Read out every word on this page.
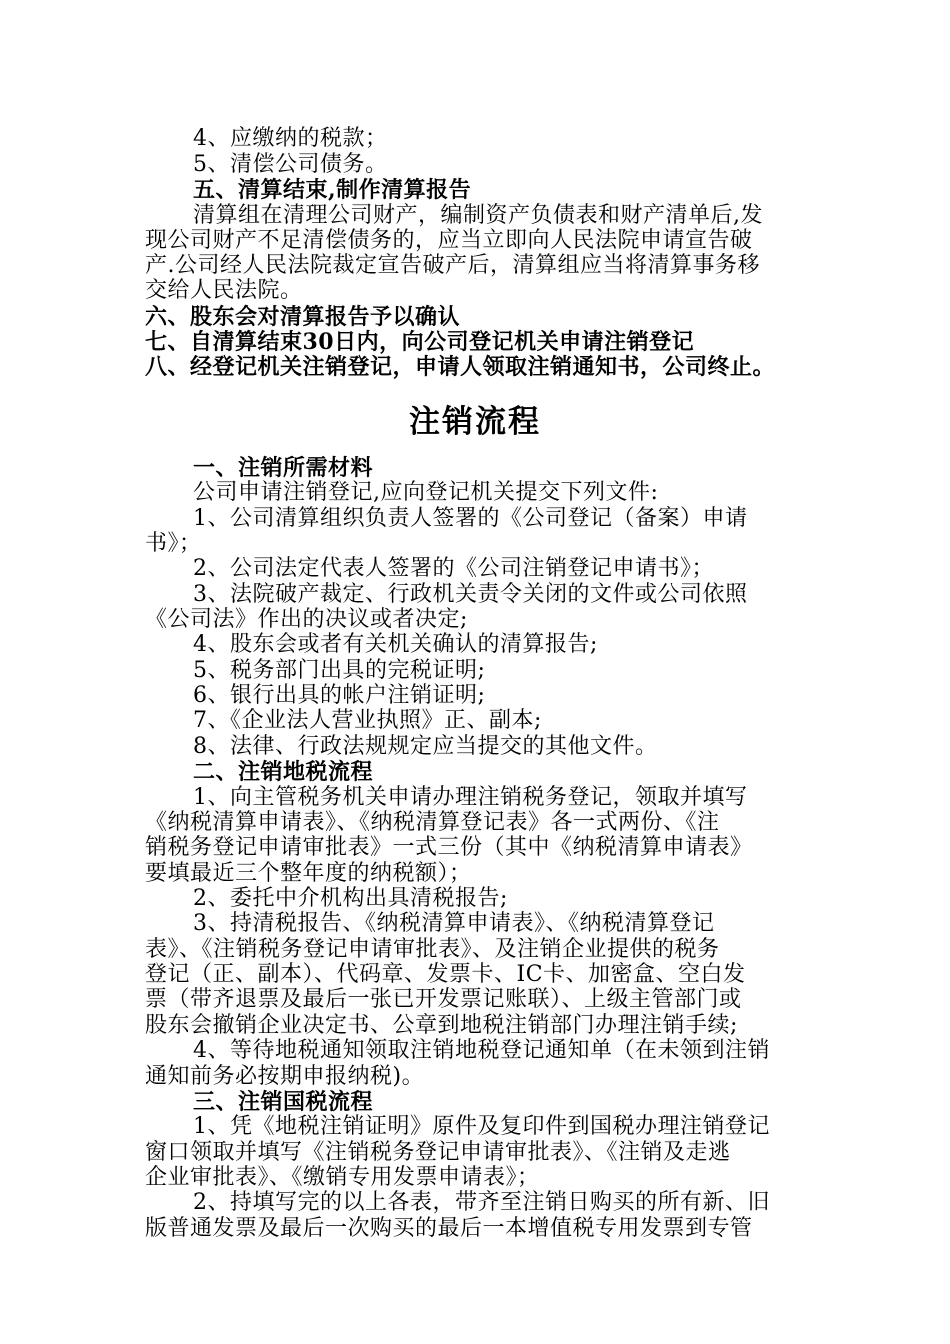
4、应缴纳的税款；
5、清偿公司债务。
五、清算结束,制作清算报告
清算组在清理公司财产，编制资产负债表和财产清单后,发
现公司财产不足清偿债务的，应当立即向人民法院申请宣告破
产.公司经人民法院裁定宣告破产后，清算组应当将清算事务移
交给人民法院。
六、股东会对清算报告予以确认
七、自清算结束30日内，向公司登记机关申请注销登记
八、经登记机关注销登记，申请人领取注销通知书，公司终止。
注销流程
一、注销所需材料
公司申请注销登记,应向登记机关提交下列文件:
1、公司清算组织负责人签署的《公司登记（备案）申请
书》；
2、公司法定代表人签署的《公司注销登记申请书》；
3、法院破产裁定、行政机关责令关闭的文件或公司依照
《公司法》作出的决议或者决定;
4、股东会或者有关机关确认的清算报告;
5、税务部门出具的完税证明;
6、银行出具的帐户注销证明;
7、《企业法人营业执照》正、副本;
8、法律、行政法规规定应当提交的其他文件。
二、注销地税流程
1、向主管税务机关申请办理注销税务登记，领取并填写
《纳税清算申请表》、《纳税清算登记表》各一式两份、《注
销税务登记申请审批表》一式三份（其中《纳税清算申请表》
要填最近三个整年度的纳税额）；
2、委托中介机构出具清税报告;
3、持清税报告、《纳税清算申请表》、《纳税清算登记
表》、《注销税务登记申请审批表》、及注销企业提供的税务
登记（正、副本）、代码章、发票卡、IC卡、加密盒、空白发
票（带齐退票及最后一张已开发票记账联）、上级主管部门或
股东会撤销企业决定书、公章到地税注销部门办理注销手续;
4、等待地税通知领取注销地税登记通知单（在未领到注销
通知前务必按期申报纳税)。
三、注销国税流程
1、凭《地税注销证明》原件及复印件到国税办理注销登记
窗口领取并填写《注销税务登记申请审批表》、《注销及走逃
企业审批表》、《缴销专用发票申请表》；
2、持填写完的以上各表，带齐至注销日购买的所有新、旧
版普通发票及最后一次购买的最后一本增值税专用发票到专管
